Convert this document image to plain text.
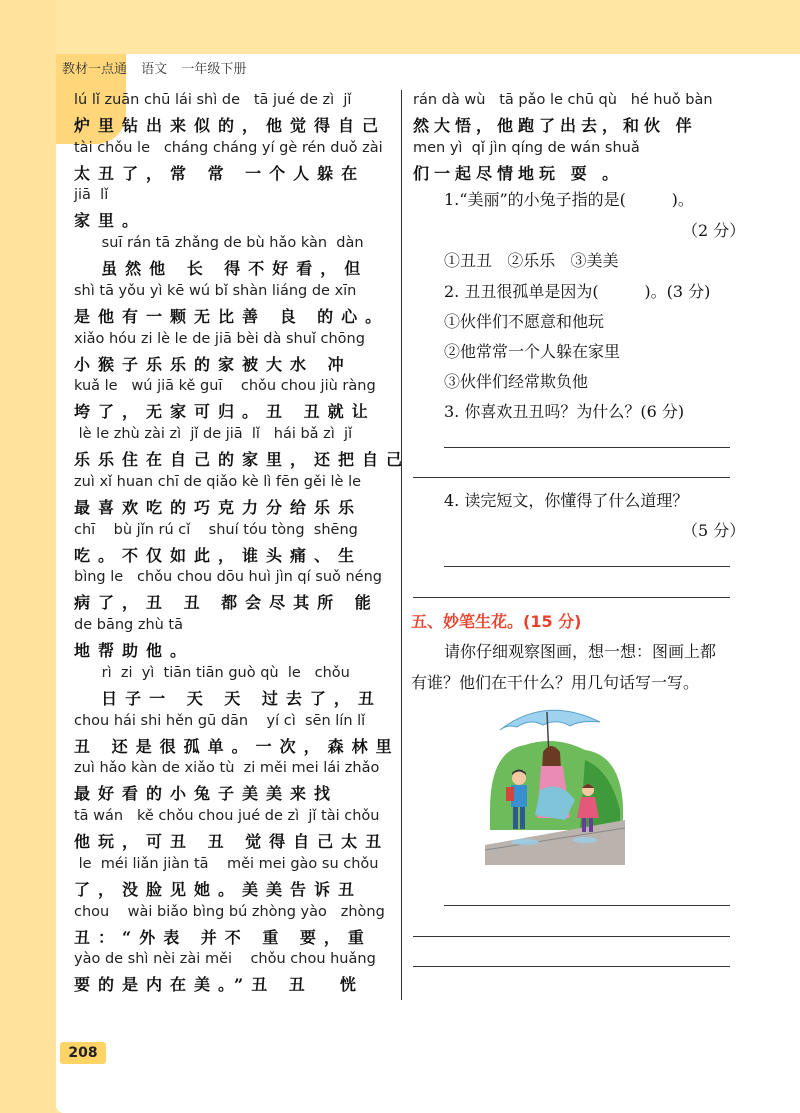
教材一点通 语文 一年级下册
lú lǐ zuān chū lái shì de   tā jué de zì  jǐ
炉里钻出来似的，他觉得自己
tài chǒu le   cháng cháng yí gè rén duǒ zài
太丑了，常 常 一个人躲在
jiā  lǐ
家里。
suī rán tā zhǎng de bù hǎo kàn  dàn
虽然他 长 得不好看，但
shì tā yǒu yì kē wú bǐ shàn liáng de xīn
是他有一颗无比善 良 的心。
xiǎo hóu zi lè le de jiā bèi dà shuǐ chōng
小猴子乐乐的家被大水 冲
kuǎ le   wú jiā kě guī    chǒu chou jiù ràng
垮了，无家可归。丑 丑就让
lè le zhù zài zì  jǐ de jiā  lǐ   hái bǎ zì  jǐ
乐乐住在自己的家里，还把自己
zuì xǐ huan chī de qiǎo kè lì fēn gěi lè le
最喜欢吃的巧克力分给乐乐
chī    bù jǐn rú cǐ    shuí tóu tòng  shēng
吃。不仅如此，谁头痛、生
bìng le   chǒu chou dōu huì jìn qí suǒ néng
病了，丑 丑 都会尽其所 能
de bāng zhù tā
地帮助他。
rì  zi  yì  tiān tiān guò qù  le   chǒu
日子一 天 天 过去了，丑
chou hái shi hěn gū dān    yí cì  sēn lín lǐ
丑 还是很孤单。一次，森林里
zuì hǎo kàn de xiǎo tù  zi měi mei lái zhǎo
最好看的小兔子美美来找
tā wán   kě chǒu chou jué de zì  jǐ tài chǒu
他玩，可丑 丑 觉得自己太丑
le  méi liǎn jiàn tā    měi mei gào su chǒu
了，没脸见她。美美告诉丑
chou    wài biǎo bìng bú zhòng yào   zhòng
丑：“外表 并不 重 要，重
yào de shì nèi zài měi    chǒu chou huǎng
要的是内在美。”丑 丑  恍
rán dà wù   tā pǎo le chū qù   hé huǒ bàn
然大悟，他跑了出去，和伙 伴
men yì  qǐ jìn qíng de wán shuǎ
们一起尽情地玩 耍 。
1.“美丽”的小兔子指的是(         )。
（2 分）
①丑丑   ②乐乐   ③美美
2. 丑丑很孤单是因为(         )。(3 分)
①伙伴们不愿意和他玩
②他常常一个人躲在家里
③伙伴们经常欺负他
3. 你喜欢丑丑吗？为什么？(6 分)
4. 读完短文，你懂得了什么道理？
（5 分）
五、妙笔生花。(15 分)
请你仔细观察图画，想一想：图画上都
有谁？他们在干什么？用几句话写一写。
208
